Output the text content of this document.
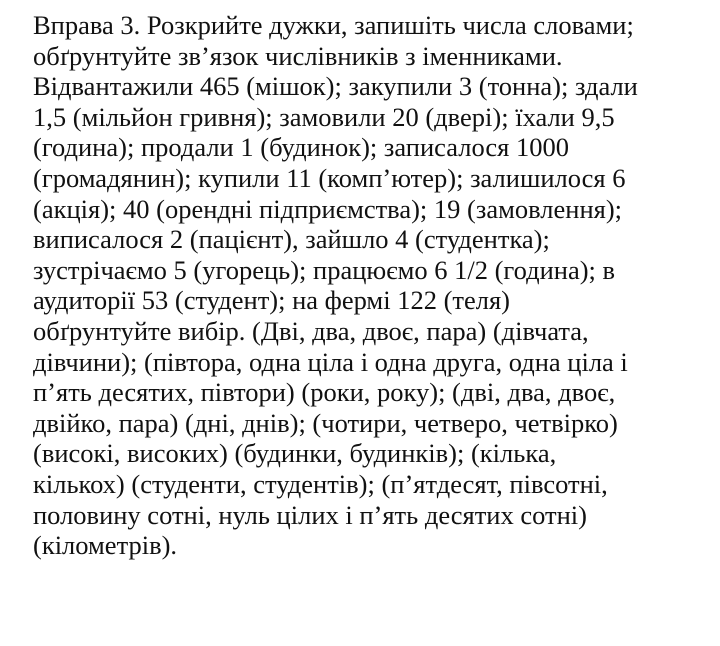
Вправа 3. Розкрийте дужки, запишіть числа словами;
обґрунтуйте зв’язок числівників з іменниками.
Відвантажили 465 (мішок); закупили 3 (тонна); здали
1,5 (мільйон гривня); замовили 20 (двері); їхали 9,5
(година); продали 1 (будинок); записалося 1000
(громадянин); купили 11 (комп’ютер); залишилося 6
(акція); 40 (орендні підприємства); 19 (замовлення);
виписалося 2 (пацієнт), зайшло 4 (студентка);
зустрічаємо 5 (угорець); працюємо 6 1/2 (година); в
аудиторії 53 (студент); на фермі 122 (теля)
обґрунтуйте вибір. (Дві, два, двоє, пара) (дівчата,
дівчини); (півтора, одна ціла і одна друга, одна ціла і
п’ять десятих, півтори) (роки, року); (дві, два, двоє,
двійко, пара) (дні, днів); (чотири, четверо, четвірко)
(високі, високих) (будинки, будинків); (кілька,
кількох) (студенти, студентів); (п’ятдесят, півсотні,
половину сотні, нуль цілих і п’ять десятих сотні)
(кілометрів).
